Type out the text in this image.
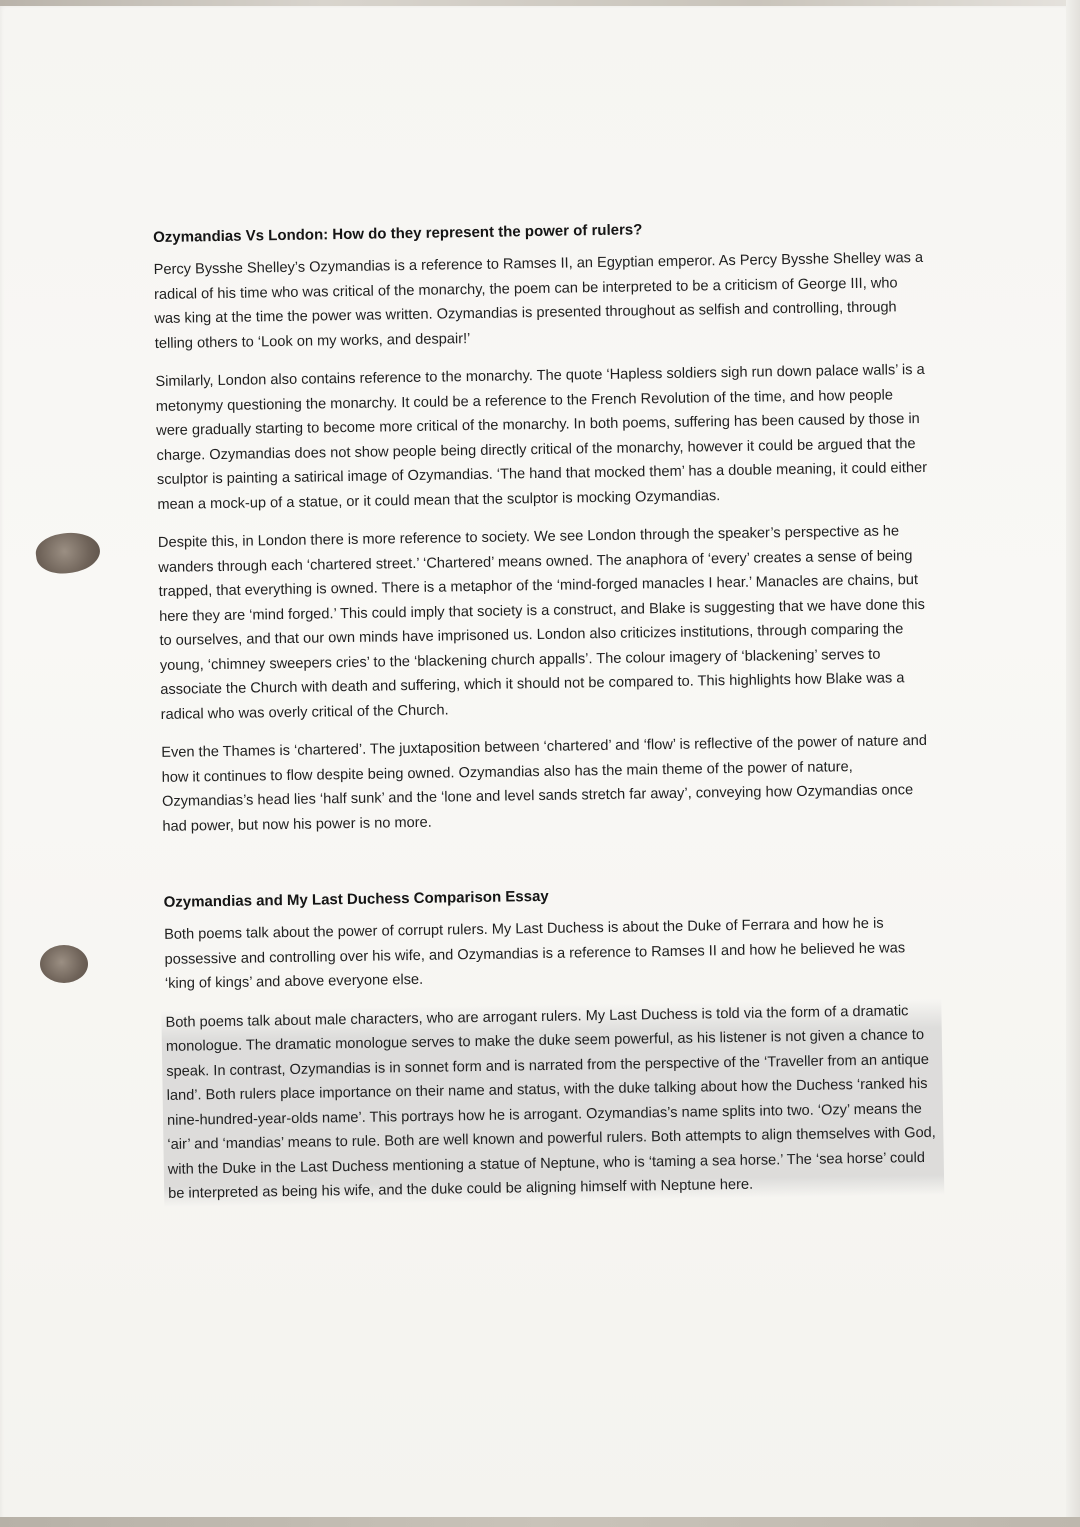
Ozymandias Vs London: How do they represent the power of rulers?

Percy Bysshe Shelley’s Ozymandias is a reference to Ramses II, an Egyptian emperor. As Percy Bysshe Shelley was a radical of his time who was critical of the monarchy, the poem can be interpreted to be a criticism of George III, who was king at the time the power was written. Ozymandias is presented throughout as selfish and controlling, through telling others to ‘Look on my works, and despair!’

Similarly, London also contains reference to the monarchy. The quote ‘Hapless soldiers sigh run down palace walls’ is a metonymy questioning the monarchy. It could be a reference to the French Revolution of the time, and how people were gradually starting to become more critical of the monarchy. In both poems, suffering has been caused by those in charge. Ozymandias does not show people being directly critical of the monarchy, however it could be argued that the sculptor is painting a satirical image of Ozymandias. ‘The hand that mocked them’ has a double meaning, it could either mean a mock-up of a statue, or it could mean that the sculptor is mocking Ozymandias.

Despite this, in London there is more reference to society. We see London through the speaker’s perspective as he wanders through each ‘chartered street.’ ‘Chartered’ means owned. The anaphora of ‘every’ creates a sense of being trapped, that everything is owned. There is a metaphor of the ‘mind-forged manacles I hear.’ Manacles are chains, but here they are ‘mind forged.’ This could imply that society is a construct, and Blake is suggesting that we have done this to ourselves, and that our own minds have imprisoned us. London also criticizes institutions, through comparing the young, ‘chimney sweepers cries’ to the ‘blackening church appalls’. The colour imagery of ‘blackening’ serves to associate the Church with death and suffering, which it should not be compared to. This highlights how Blake was a radical who was overly critical of the Church.

Even the Thames is ‘chartered’. The juxtaposition between ‘chartered’ and ‘flow’ is reflective of the power of nature and how it continues to flow despite being owned. Ozymandias also has the main theme of the power of nature, Ozymandias’s head lies ‘half sunk’ and the ‘lone and level sands stretch far away’, conveying how Ozymandias once had power, but now his power is no more.

Ozymandias and My Last Duchess Comparison Essay

Both poems talk about the power of corrupt rulers. My Last Duchess is about the Duke of Ferrara and how he is possessive and controlling over his wife, and Ozymandias is a reference to Ramses II and how he believed he was ‘king of kings’ and above everyone else.

Both poems talk about male characters, who are arrogant rulers. My Last Duchess is told via the form of a dramatic monologue. The dramatic monologue serves to make the duke seem powerful, as his listener is not given a chance to speak. In contrast, Ozymandias is in sonnet form and is narrated from the perspective of the ‘Traveller from an antique land’. Both rulers place importance on their name and status, with the duke talking about how the Duchess ‘ranked his nine-hundred-year-olds name’. This portrays how he is arrogant. Ozymandias’s name splits into two. ‘Ozy’ means the ‘air’ and ‘mandias’ means to rule. Both are well known and powerful rulers. Both attempts to align themselves with God, with the Duke in the Last Duchess mentioning a statue of Neptune, who is ‘taming a sea horse.’ The ‘sea horse’ could be interpreted as being his wife, and the duke could be aligning himself with Neptune here.
